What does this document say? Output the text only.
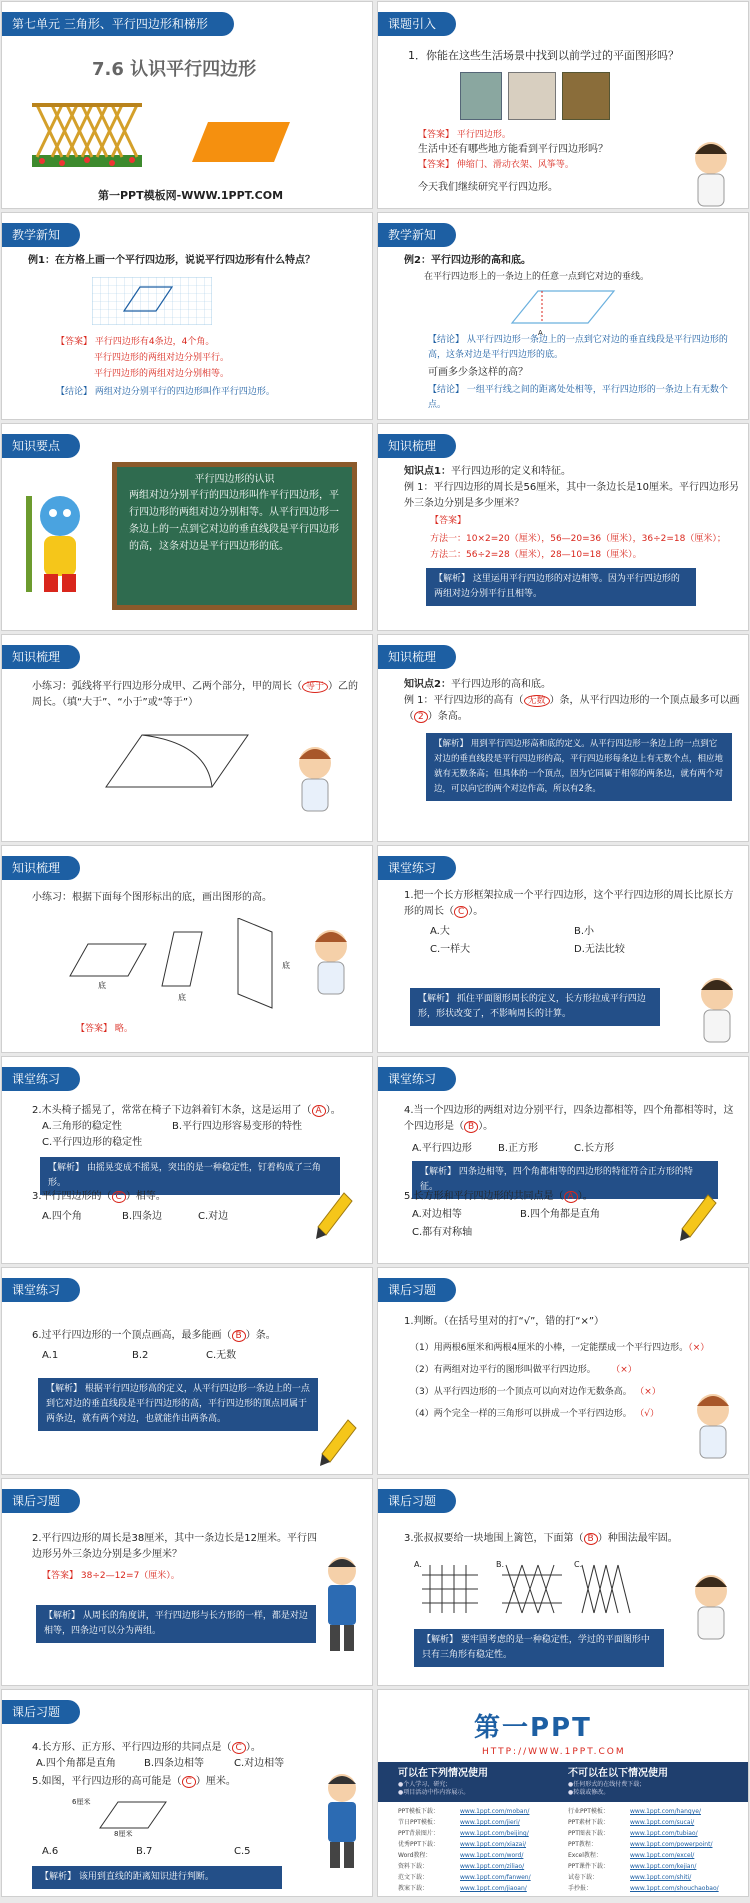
第七单元 三角形、平行四边形和梯形
7.6 认识平行四边形
第一PPT模板网-WWW.1PPT.COM
课题引入
1．你能在这些生活场景中找到以前学过的平面图形吗？
【答案】 平行四边形。
生活中还有哪些地方能看到平行四边形吗？
【答案】 伸缩门、滑动衣架、风筝等。
今天我们继续研究平行四边形。
教学新知
例1：在方格上画一个平行四边形，说说平行四边形有什么特点？
【答案】 平行四边形有4条边，4个角。
平行四边形的两组对边分别平行。
平行四边形的两组对边分别相等。
【结论】 两组对边分别平行的四边形叫作平行四边形。
教学新知
例2：平行四边形的高和底。
在平行四边形上的一条边上的任意一点到它对边的垂线。
A
【结论】 从平行四边形一条边上的一点到它对边的垂直线段是平行四边形的高，这条对边是平行四边形的底。
可画多少条这样的高？
【结论】 一组平行线之间的距离处处相等，平行四边形的一条边上有无数个点。
知识要点
平行四边形的认识
两组对边分别平行的四边形叫作平行四边形，平行四边形的两组对边分别相等。从平行四边形一条边上的一点到它对边的垂直线段是平行四边形的高，这条对边是平行四边形的底。
知识梳理
知识点1：平行四边形的定义和特征。
例 1：平行四边形的周长是56厘米，其中一条边长是10厘米。平行四边形另外三条边分别是多少厘米？
【答案】
方法一：10×2=20（厘米），56—20=36（厘米），36÷2=18（厘米）；
方法二：56÷2=28（厘米），28—10=18（厘米）。
【解析】 这里运用平行四边形的对边相等。因为平行四边形的两组对边分别平行且相等。
知识梳理
小练习：弧线将平行四边形分成甲、乙两个部分，甲的周长（ 等于 ）乙的周长。（填“大于”、“小于”或“等于”）
知识梳理
知识点2：平行四边形的高和底。
例 1：平行四边形的高有（ 无数 ）条，从平行四边形的一个顶点最多可以画（ 2 ）条高。
【解析】 用到平行四边形高和底的定义。从平行四边形一条边上的一点到它对边的垂直线段是平行四边形的高，平行四边形每条边上有无数个点，相应地就有无数条高；但具体的一个顶点，因为它同属于相邻的两条边，就有两个对边，可以向它的两个对边作高，所以有2条。
知识梳理
小练习：根据下面每个图形标出的底，画出图形的高。
底
底
底
【答案】 略。
课堂练习
1.把一个长方形框架拉成一个平行四边形，这个平行四边形的周长比原长方形的周长（ C ）。
A.大	B.小
C.一样大	D.无法比较
【解析】 抓住平面图形周长的定义，长方形拉成平行四边形，形状改变了，不影响周长的计算。
课堂练习
2.木头椅子摇晃了，常常在椅子下边斜着钉木条，这是运用了（ A ）。
A.三角形的稳定性	B.平行四边形容易变形的特性
C.平行四边形的稳定性
【解析】 由摇晃变成不摇晃，突出的是一种稳定性，钉着构成了三角形。
3.平行四边形的（ C ）相等。
A.四个角	B.四条边	C.对边
课堂练习
4.当一个四边形的两组对边分别平行，四条边都相等，四个角都相等时，这个四边形是（ B ）。
A.平行四边形	B.正方形	C.长方形
【解析】 四条边相等，四个角都相等的四边形的特征符合正方形的特征。
5.长方形和平行四边形的共同点是（ A ）。
A.对边相等	B.四个角都是直角
C.都有对称轴
课堂练习
6.过平行四边形的一个顶点画高，最多能画（ B ）条。
A.1	B.2	C.无数
【解析】 根据平行四边形高的定义，从平行四边形一条边上的一点到它对边的垂直线段是平行四边形的高，平行四边形的顶点同属于两条边，就有两个对边，也就能作出两条高。
课后习题
1.判断。（在括号里对的打“√”，错的打“×”）
（1）用两根6厘米和两根4厘米的小棒，一定能摆成一个平行四边形。（×）
（2）有两组对边平行的图形叫做平行四边形。 （×）
（3）从平行四边形的一个顶点可以向对边作无数条高。 （×）
（4）两个完全一样的三角形可以拼成一个平行四边形。 （√）
课后习题
2.平行四边形的周长是38厘米，其中一条边长是12厘米。平行四边形另外三条边分别是多少厘米？
【答案】 38÷2—12=7（厘米）。
【解析】 从周长的角度讲，平行四边形与长方形的一样，都是对边相等，四条边可以分为两组。
课后习题
3.张叔叔要给一块地围上篱笆，下面第（ B ）种围法最牢固。
A.	B.	C.
【解析】 要牢固考虑的是一种稳定性，学过的平面图形中只有三角形有稳定性。
课后习题
4.长方形、正方形、平行四边形的共同点是（ C ）。
A.四个角都是直角	B.四条边相等	C.对边相等
5.如图，平行四边形的高可能是（ C ）厘米。
6厘米
8厘米
A.6	B.7	C.5
【解析】 该用到直线的距离知识进行判断。
第一PPT
HTTP://WWW.1PPT.COM
可以在下列情况使用	不可以在以下情况使用
●个人学习、研究；
●项目活动中作内容展示。
●任何形式的在线付费下载；
●转载或修改。
PPT模板下载：	www.1ppt.com/moban/
节日PPT模板：	www.1ppt.com/jieri/
PPT背景图片：	www.1ppt.com/beijing/
优秀PPT下载：	www.1ppt.com/xiazai/
Word教程：	www.1ppt.com/word/
资料下载：	www.1ppt.com/ziliao/
范文下载：	www.1ppt.com/fanwen/
教案下载：	www.1ppt.com/jiaoan/
行业PPT模板：	www.1ppt.com/hangye/
PPT素材下载：	www.1ppt.com/sucai/
PPT图表下载：	www.1ppt.com/tubiao/
PPT教程：	www.1ppt.com/powerpoint/
Excel教程：	www.1ppt.com/excel/
PPT课件下载：	www.1ppt.com/kejian/
试卷下载：	www.1ppt.com/shiti/
手抄报：	www.1ppt.com/shouchaobao/
